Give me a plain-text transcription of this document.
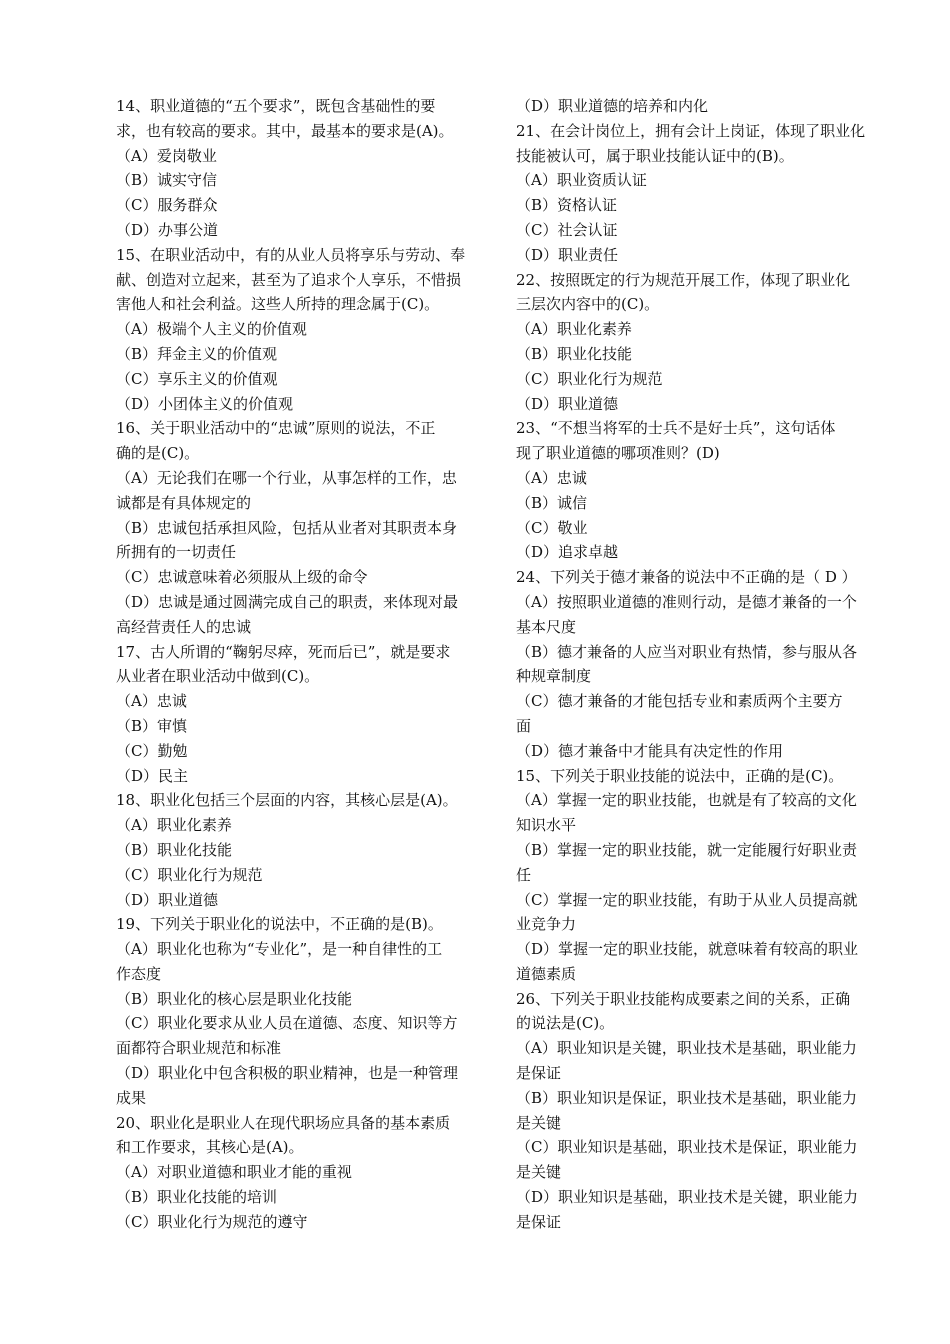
14、职业道德的“五个要求”，既包含基础性的要
求，也有较高的要求。其中，最基本的要求是(A)。
（A）爱岗敬业
（B）诚实守信
（C）服务群众
（D）办事公道
15、在职业活动中，有的从业人员将享乐与劳动、奉
献、创造对立起来，甚至为了追求个人享乐，不惜损
害他人和社会利益。这些人所持的理念属于(C)。
（A）极端个人主义的价值观
（B）拜金主义的价值观
（C）享乐主义的价值观
（D）小团体主义的价值观
16、关于职业活动中的“忠诚”原则的说法，不正
确的是(C)。
（A）无论我们在哪一个行业，从事怎样的工作，忠
诚都是有具体规定的
（B）忠诚包括承担风险，包括从业者对其职责本身
所拥有的一切责任
（C）忠诚意味着必须服从上级的命令
（D）忠诚是通过圆满完成自己的职责，来体现对最
高经营责任人的忠诚
17、古人所谓的“鞠躬尽瘁，死而后已”，就是要求
从业者在职业活动中做到(C)。
（A）忠诚
（B）审慎
（C）勤勉
（D）民主
18、职业化包括三个层面的内容，其核心层是(A)。
（A）职业化素养
（B）职业化技能
（C）职业化行为规范
（D）职业道德
19、下列关于职业化的说法中，不正确的是(B)。
（A）职业化也称为“专业化”，是一种自律性的工
作态度
（B）职业化的核心层是职业化技能
（C）职业化要求从业人员在道德、态度、知识等方
面都符合职业规范和标准
（D）职业化中包含积极的职业精神，也是一种管理
成果
20、职业化是职业人在现代职场应具备的基本素质
和工作要求，其核心是(A)。
（A）对职业道德和职业才能的重视
（B）职业化技能的培训
（C）职业化行为规范的遵守
（D）职业道德的培养和内化
21、在会计岗位上，拥有会计上岗证，体现了职业化
技能被认可，属于职业技能认证中的(B)。
（A）职业资质认证
（B）资格认证
（C）社会认证
（D）职业责任
22、按照既定的行为规范开展工作，体现了职业化
三层次内容中的(C)。
（A）职业化素养
（B）职业化技能
（C）职业化行为规范
（D）职业道德
23、“不想当将军的士兵不是好士兵”，这句话体
现了职业道德的哪项准则？(D)
（A）忠诚
（B）诚信
（C）敬业
（D）追求卓越
24、下列关于德才兼备的说法中不正确的是（ D ）
（A）按照职业道德的准则行动，是德才兼备的一个
基本尺度
（B）德才兼备的人应当对职业有热情，参与服从各
种规章制度
（C）德才兼备的才能包括专业和素质两个主要方
面
（D）德才兼备中才能具有决定性的作用
15、下列关于职业技能的说法中，正确的是(C)。
（A）掌握一定的职业技能，也就是有了较高的文化
知识水平
（B）掌握一定的职业技能，就一定能履行好职业责
任
（C）掌握一定的职业技能，有助于从业人员提高就
业竞争力
（D）掌握一定的职业技能，就意味着有较高的职业
道德素质
26、下列关于职业技能构成要素之间的关系，正确
的说法是(C)。
（A）职业知识是关键，职业技术是基础，职业能力
是保证
（B）职业知识是保证，职业技术是基础，职业能力
是关键
（C）职业知识是基础，职业技术是保证，职业能力
是关键
（D）职业知识是基础，职业技术是关键，职业能力
是保证
